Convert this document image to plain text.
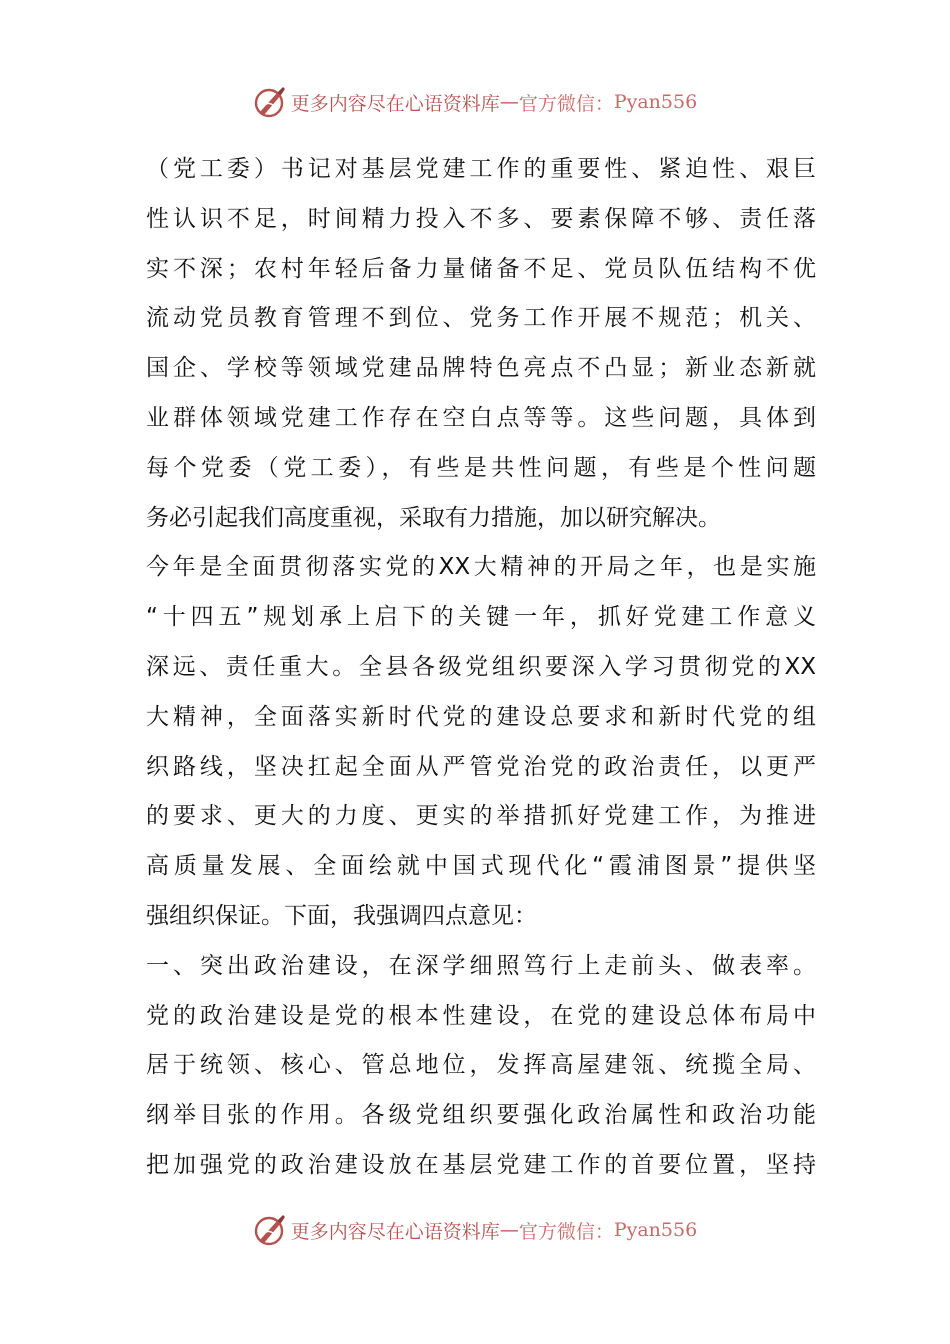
更多内容尽在心语资料库 — 官方微信： Pyan556
（党工委）书记对基层党建工作的重要性、紧迫性、艰巨
性认识不足，时间精力投入不多、要素保障不够、责任落
实不深；农村年轻后备力量储备不足、党员队伍结构不优
流动党员教育管理不到位、党务工作开展不规范；机关、
国企、学校等领域党建品牌特色亮点不凸显；新业态新就
业群体领域党建工作存在空白点等等。这些问题，具体到
每个党委（党工委），有些是共性问题，有些是个性问题
务必引起我们高度重视，采取有力措施，加以研究解决。
今年是全面贯彻落实党的XX大精神的开局之年，也是实施
“十四五”规划承上启下的关键一年，抓好党建工作意义
深远、责任重大。全县各级党组织要深入学习贯彻党的XX
大精神，全面落实新时代党的建设总要求和新时代党的组
织路线，坚决扛起全面从严管党治党的政治责任，以更严
的要求、更大的力度、更实的举措抓好党建工作，为推进
高质量发展、全面绘就中国式现代化“霞浦图景”提供坚
强组织保证。下面，我强调四点意见：
一、突出政治建设，在深学细照笃行上走前头、做表率。
党的政治建设是党的根本性建设，在党的建设总体布局中
居于统领、核心、管总地位，发挥高屋建瓴、统揽全局、
纲举目张的作用。各级党组织要强化政治属性和政治功能
把加强党的政治建设放在基层党建工作的首要位置，坚持
更多内容尽在心语资料库 — 官方微信： Pyan556
